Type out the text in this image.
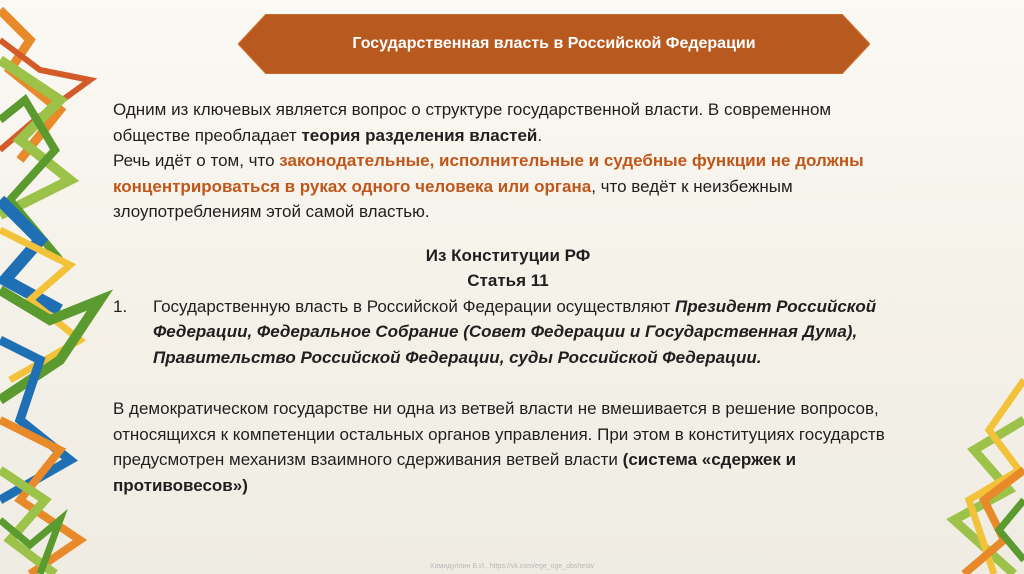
Государственная власть в Российской Федерации

Одним из ключевых является вопрос о структуре государственной власти. В современном обществе преобладает теория разделения властей.

Речь идёт о том, что законодательные, исполнительные и судебные функции не должны концентрироваться в руках одного человека или органа, что ведёт к неизбежным злоупотреблениям этой самой властью.

Из Конституции РФ

Статья 11

1.	Государственную власть в Российской Федерации осуществляют Президент Российской Федерации, Федеральное Собрание (Совет Федерации и Государственная Дума), Правительство Российской Федерации, суды Российской Федерации.

В демократическом государстве ни одна из ветвей власти не вмешивается в решение вопросов, относящихся к компетенции остальных органов управления. При этом в конституциях государств предусмотрен механизм взаимного сдерживания ветвей власти (система «сдержек и противовесов»)

Хамидуллин Б.И., https://vk.com/ege_oge_obshestv
